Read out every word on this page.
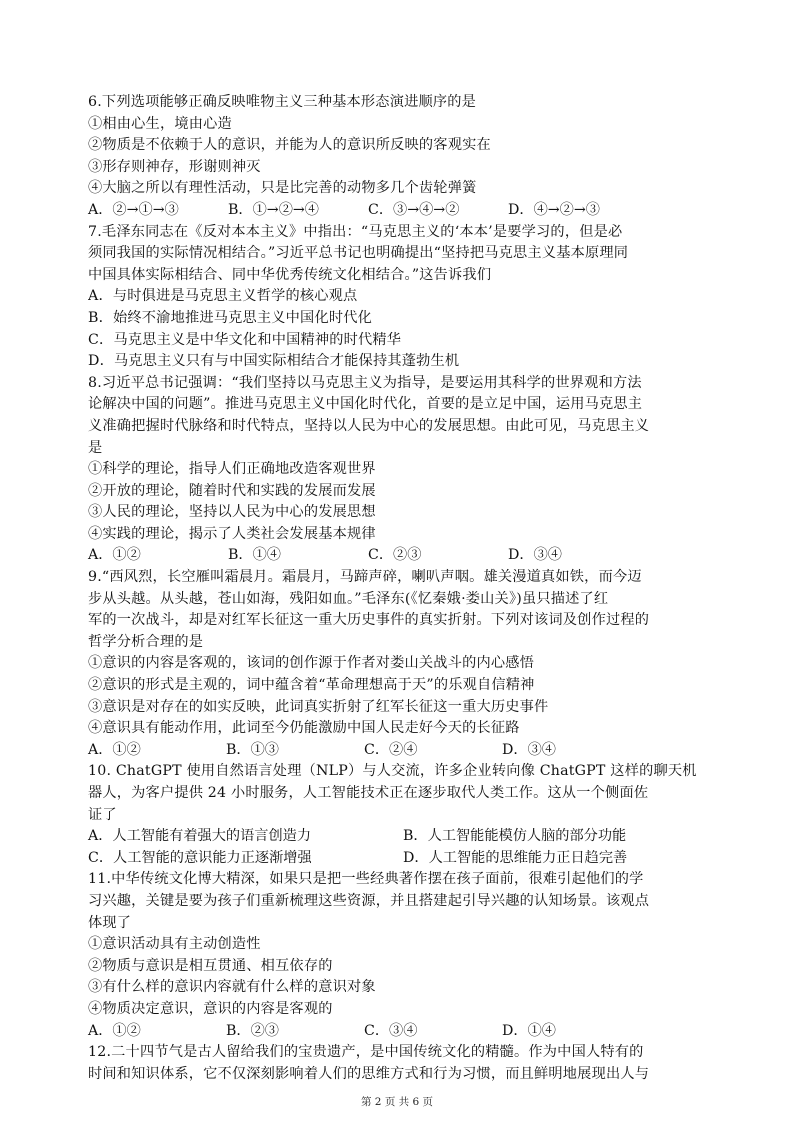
6.下列选项能够正确反映唯物主义三种基本形态演进顺序的是
①相由心生，境由心造
②物质是不依赖于人的意识，并能为人的意识所反映的客观实在
③形存则神存，形谢则神灭
④大脑之所以有理性活动，只是比完善的动物多几个齿轮弹簧
A．②→①→③	B．①→②→④	C．③→④→②	D．④→②→③
7.毛泽东同志在《反对本本主义》中指出：“马克思主义的‘本本’是要学习的，但是必
须同我国的实际情况相结合。”习近平总书记也明确提出“坚持把马克思主义基本原理同
中国具体实际相结合、同中华优秀传统文化相结合。”这告诉我们
A．与时俱进是马克思主义哲学的核心观点
B．始终不渝地推进马克思主义中国化时代化
C．马克思主义是中华文化和中国精神的时代精华
D．马克思主义只有与中国实际相结合才能保持其蓬勃生机
8.习近平总书记强调：“我们坚持以马克思主义为指导，是要运用其科学的世界观和方法
论解决中国的问题”。推进马克思主义中国化时代化，首要的是立足中国，运用马克思主
义准确把握时代脉络和时代特点，坚持以人民为中心的发展思想。由此可见，马克思主义
是
①科学的理论，指导人们正确地改造客观世界
②开放的理论，随着时代和实践的发展而发展
③人民的理论，坚持以人民为中心的发展思想
④实践的理论，揭示了人类社会发展基本规律
A．①②	B．①④	C．②③	D．③④
9.“西风烈，长空雁叫霜晨月。霜晨月，马蹄声碎，喇叭声咽。雄关漫道真如铁，而今迈
步从头越。从头越，苍山如海，残阳如血。”毛泽东(《忆秦娥·娄山关》)虽只描述了红
军的一次战斗，却是对红军长征这一重大历史事件的真实折射。下列对该词及创作过程的
哲学分析合理的是
①意识的内容是客观的，该词的创作源于作者对娄山关战斗的内心感悟
②意识的形式是主观的，词中蕴含着“革命理想高于天”的乐观自信精神
③意识是对存在的如实反映，此词真实折射了红军长征这一重大历史事件
④意识具有能动作用，此词至今仍能激励中国人民走好今天的长征路
A．①②	B．①③	C．②④	D．③④
10. ChatGPT 使用自然语言处理（NLP）与人交流，许多企业转向像 ChatGPT 这样的聊天机
器人，为客户提供 24 小时服务，人工智能技术正在逐步取代人类工作。这从一个侧面佐
证了
A．人工智能有着强大的语言创造力	B．人工智能能模仿人脑的部分功能
C．人工智能的意识能力正逐渐增强	D．人工智能的思维能力正日趋完善
11.中华传统文化博大精深，如果只是把一些经典著作摆在孩子面前，很难引起他们的学
习兴趣，关键是要为孩子们重新梳理这些资源，并且搭建起引导兴趣的认知场景。该观点
体现了
①意识活动具有主动创造性
②物质与意识是相互贯通、相互依存的
③有什么样的意识内容就有什么样的意识对象
④物质决定意识，意识的内容是客观的
A．①②	B．②③	C．③④	D．①④
12.二十四节气是古人留给我们的宝贵遗产，是中国传统文化的精髓。作为中国人特有的
时间和知识体系，它不仅深刻影响着人们的思维方式和行为习惯，而且鲜明地展现出人与
第 2 页 共 6 页
